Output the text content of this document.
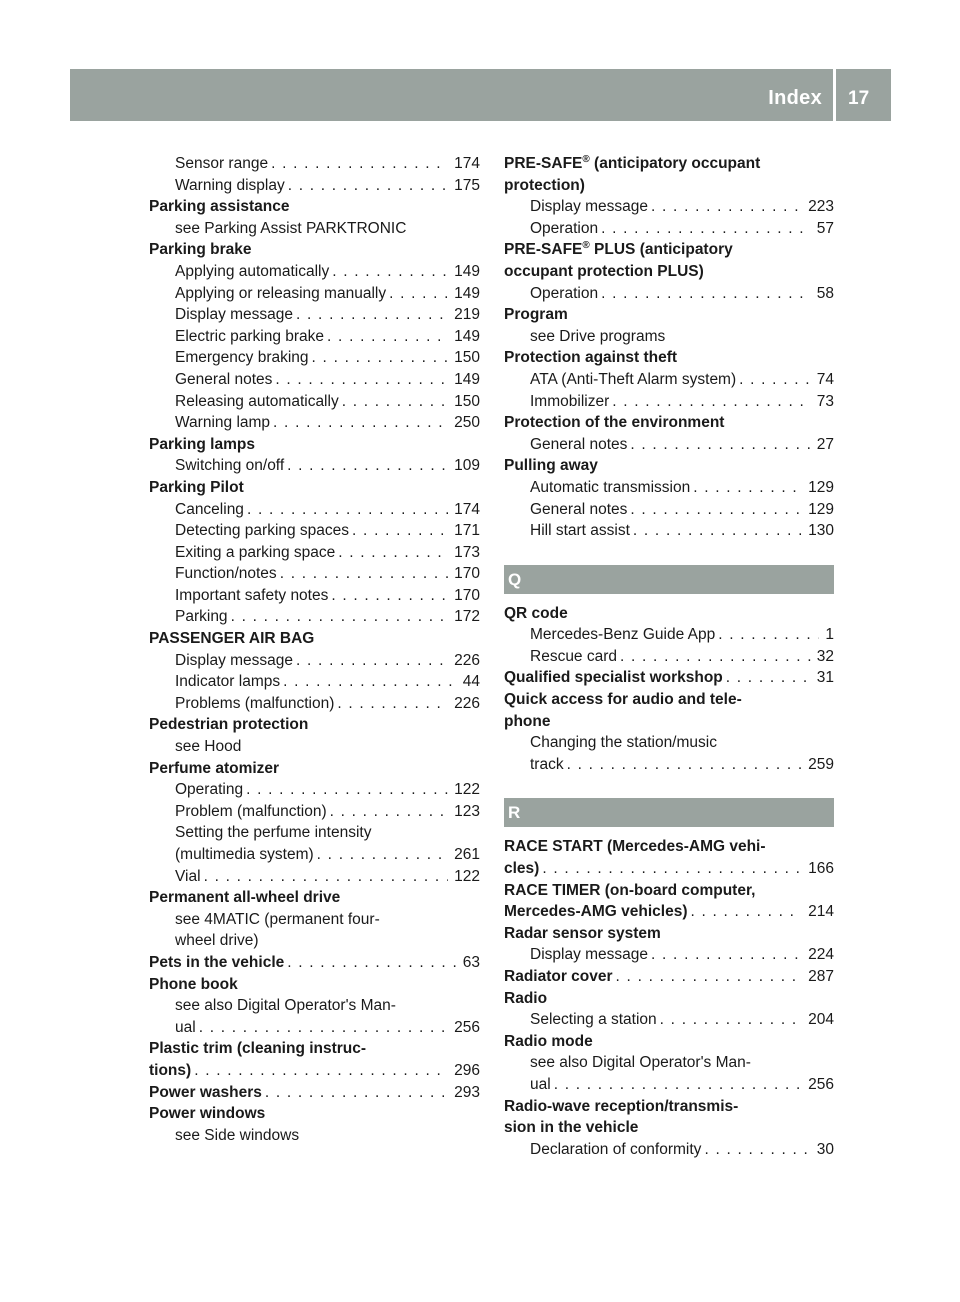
Index 17
Sensor range . . .	174
Warning display . . .	175
Parking assistance
see Parking Assist PARKTRONIC
Parking brake
Applying automatically . . .	149
Applying or releasing manually . . .	149
Display message . . .	219
Electric parking brake . . .	149
Emergency braking . . .	150
General notes . . .	149
Releasing automatically . . .	150
Warning lamp . . .	250
Parking lamps
Switching on/off . . .	109
Parking Pilot
Canceling . . .	174
Detecting parking spaces . . .	171
Exiting a parking space . . .	173
Function/notes . . .	170
Important safety notes . . .	170
Parking . . .	172
PASSENGER AIR BAG
Display message . . .	226
Indicator lamps . . .	44
Problems (malfunction) . . .	226
Pedestrian protection
see Hood
Perfume atomizer
Operating . . .	122
Problem (malfunction) . . .	123
Setting the perfume intensity
(multimedia system) . . .	261
Vial . . .	122
Permanent all-wheel drive
see 4MATIC (permanent four-
wheel drive)
Pets in the vehicle . . .	63
Phone book
see also Digital Operator's Man-
ual . . .	256
Plastic trim (cleaning instruc-
tions) . . .	296
Power washers . . .	293
Power windows
see Side windows
PRE-SAFE® (anticipatory occupant
protection)
Display message . . .	223
Operation . . .	57
PRE-SAFE® PLUS (anticipatory
occupant protection PLUS)
Operation . . .	58
Program
see Drive programs
Protection against theft
ATA (Anti-Theft Alarm system) . . .	74
Immobilizer . . .	73
Protection of the environment
General notes . . .	27
Pulling away
Automatic transmission . . .	129
General notes . . .	129
Hill start assist . . .	130
Q
QR code
Mercedes-Benz Guide App . . .	1
Rescue card . . .	32
Qualified specialist workshop . . .	31
Quick access for audio and tele-
phone
Changing the station/music
track . . .	259
R
RACE START (Mercedes-AMG vehi-
cles) . . .	166
RACE TIMER (on-board computer,
Mercedes-AMG vehicles) . . .	214
Radar sensor system
Display message . . .	224
Radiator cover . . .	287
Radio
Selecting a station . . .	204
Radio mode
see also Digital Operator's Man-
ual . . .	256
Radio-wave reception/transmis-
sion in the vehicle
Declaration of conformity . . .	30
